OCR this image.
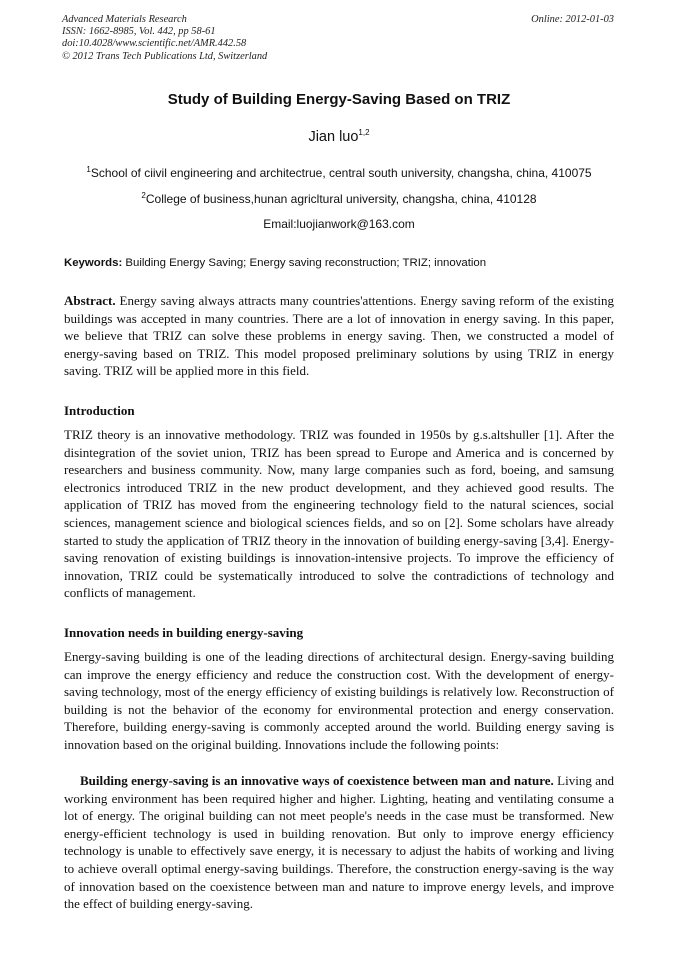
Advanced Materials Research
ISSN: 1662-8985, Vol. 442, pp 58-61
doi:10.4028/www.scientific.net/AMR.442.58
© 2012 Trans Tech Publications Ltd, Switzerland
Online: 2012-01-03
Study of Building Energy-Saving Based on TRIZ
Jian luo$^{1,2}$
$^1$School of ciivil engineering and architectrue, central south university, changsha, china, 410075
$^2$College of business,hunan agricltural university, changsha, china, 410128
Email:luojianwork@163.com
Keywords: Building Energy Saving; Energy saving reconstruction; TRIZ; innovation

Abstract. Energy saving always attracts many countries'attentions. Energy saving reform of the existing buildings was accepted in many countries. There are a lot of innovation in energy saving. In this paper, we believe that TRIZ can solve these problems in energy saving. Then, we constructed a model of energy-saving based on TRIZ. This model proposed preliminary solutions by using TRIZ in energy saving. TRIZ will be applied more in this field.

Introduction

TRIZ theory is an innovative methodology. TRIZ was founded in 1950s by g.s.altshuller [1]. After the disintegration of the soviet union, TRIZ has been spread to Europe and America and is concerned by researchers and business community. Now, many large companies such as ford, boeing, and samsung electronics introduced TRIZ in the new product development, and they achieved good results. The application of TRIZ has moved from the engineering technology field to the natural sciences, social sciences, management science and biological sciences fields, and so on [2]. Some scholars have already started to study the application of TRIZ theory in the innovation of building energy-saving [3,4]. Energy-saving renovation of existing buildings is innovation-intensive projects. To improve the efficiency of innovation, TRIZ could be systematically introduced to solve the contradictions of technology and conflicts of management.

Innovation needs in building energy-saving

Energy-saving building is one of the leading directions of architectural design. Energy-saving building can improve the energy efficiency and reduce the construction cost. With the development of energy-saving technology, most of the energy efficiency of existing buildings is relatively low. Reconstruction of building is not the behavior of the economy for environmental protection and energy conservation. Therefore, building energy-saving is commonly accepted around the world. Building energy saving is innovation based on the original building. Innovations include the following points:

Building energy-saving is an innovative ways of coexistence between man and nature. Living and working environment has been required higher and higher. Lighting, heating and ventilating consume a lot of energy. The original building can not meet people's needs in the case must be transformed. New energy-efficient technology is used in building renovation. But only to improve energy efficiency technology is unable to effectively save energy, it is necessary to adjust the habits of working and living to achieve overall optimal energy-saving buildings. Therefore, the construction energy-saving is the way of innovation based on the coexistence between man and nature to improve energy levels, and improve the effect of building energy-saving.
